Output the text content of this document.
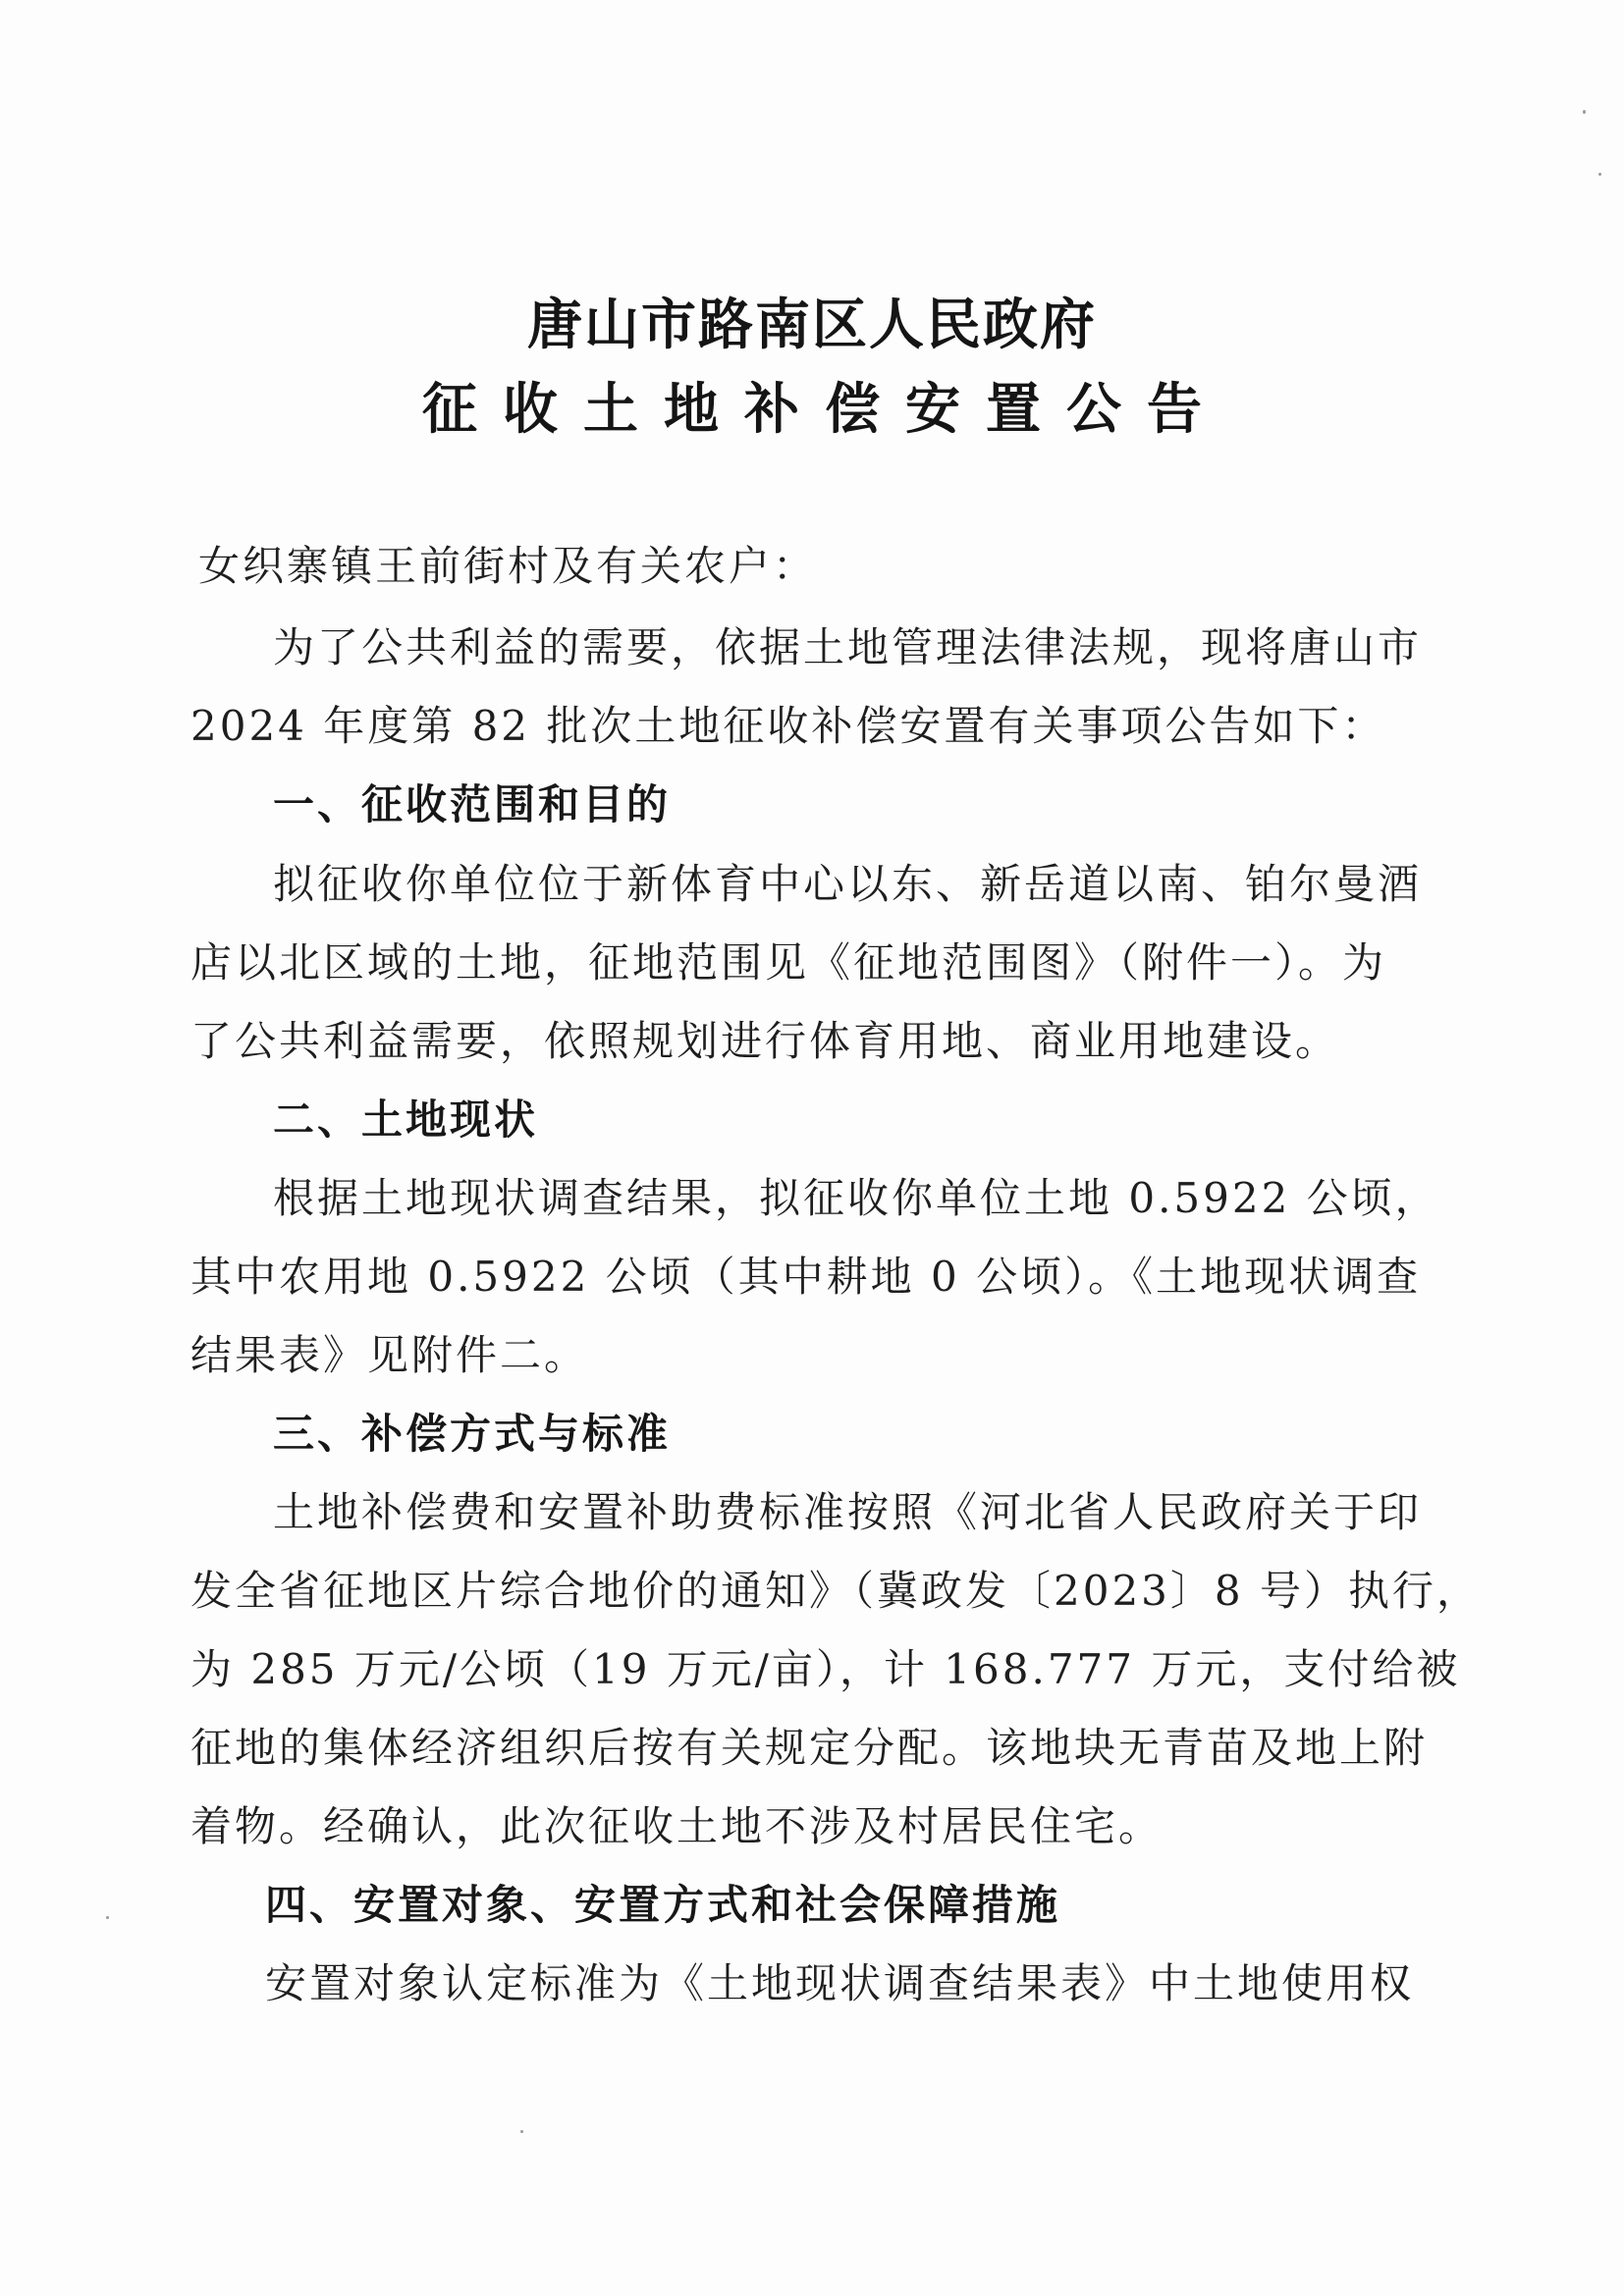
唐山市路南区人民政府
征收土地补偿安置公告
女织寨镇王前街村及有关农户：
为了公共利益的需要，依据土地管理法律法规，现将唐山市
2024 年度第 82 批次土地征收补偿安置有关事项公告如下：
一、征收范围和目的
拟征收你单位位于新体育中心以东、新岳道以南、铂尔曼酒
店以北区域的土地，征地范围见《征地范围图》（附件一）。为
了公共利益需要，依照规划进行体育用地、商业用地建设。
二、土地现状
根据土地现状调查结果，拟征收你单位土地 0.5922 公顷，
其中农用地 0.5922 公顷（其中耕地 0 公顷）。《土地现状调查
结果表》见附件二。
三、补偿方式与标准
土地补偿费和安置补助费标准按照《河北省人民政府关于印
发全省征地区片综合地价的通知》（冀政发〔2023〕8 号）执行，
为 285 万元/公顷（19 万元/亩），计 168.777 万元，支付给被
征地的集体经济组织后按有关规定分配。该地块无青苗及地上附
着物。经确认，此次征收土地不涉及村居民住宅。
四、安置对象、安置方式和社会保障措施
安置对象认定标准为《土地现状调查结果表》中土地使用权
